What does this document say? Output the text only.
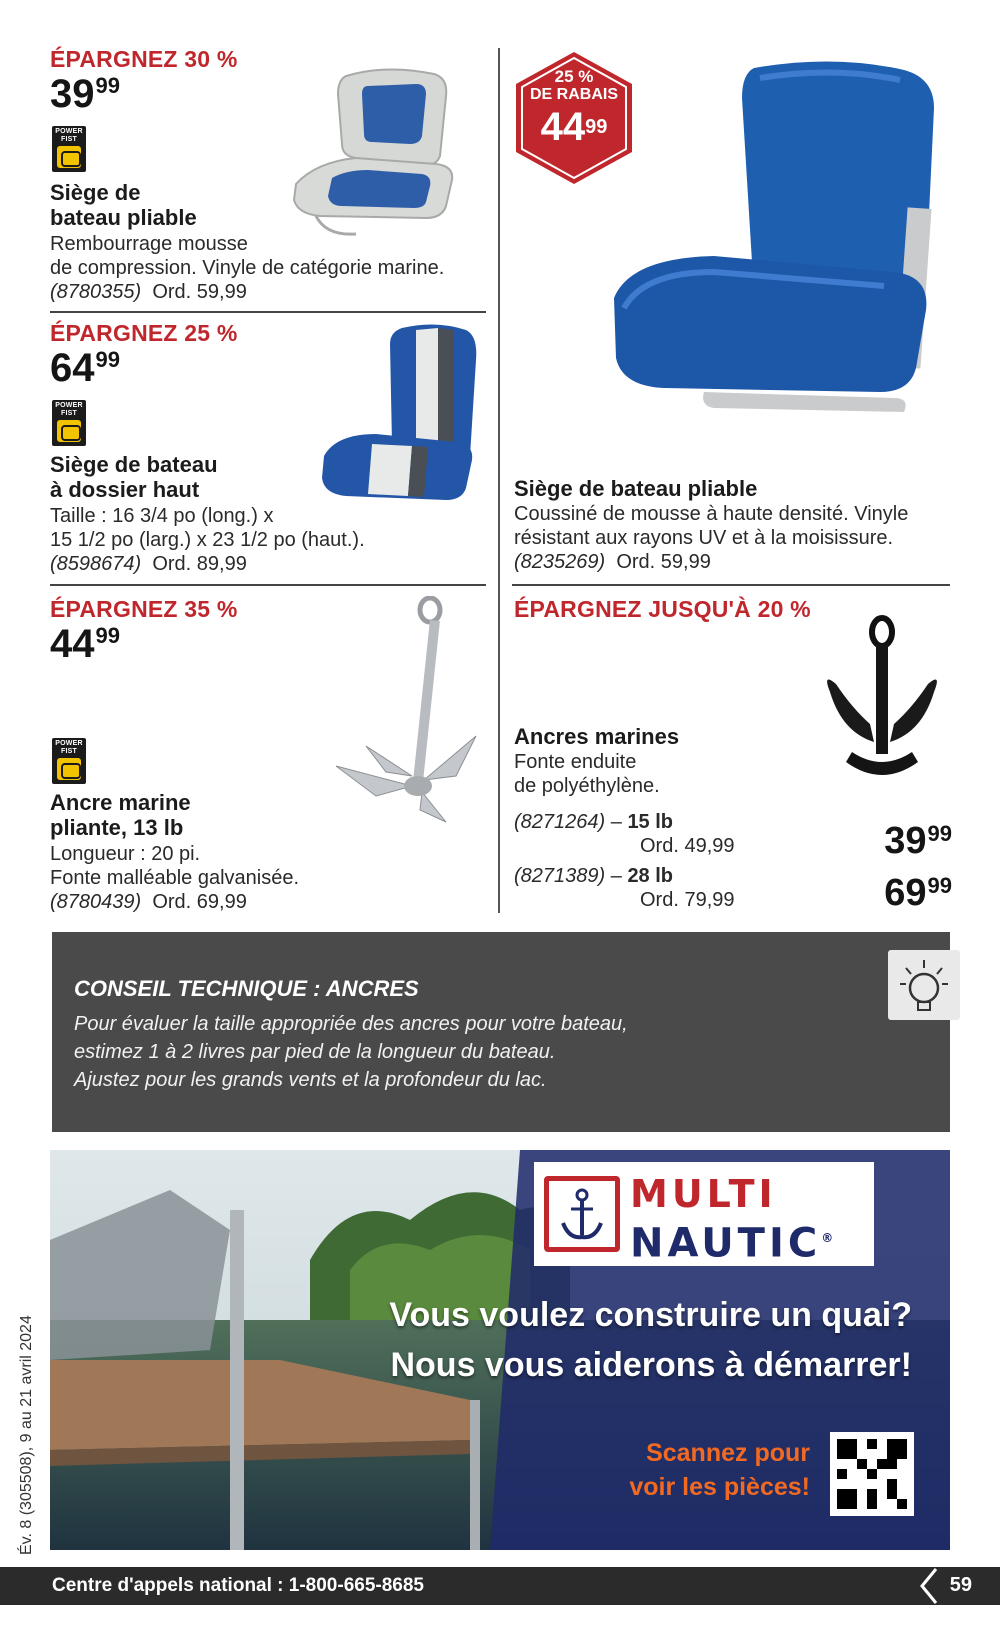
ÉPARGNEZ 30 %
$39^{99}$
POWER FIST
Siège de
bateau pliable
Rembourrage mousse
de compression. Vinyle de catégorie marine.
(8780355) Ord. 59,99
ÉPARGNEZ 25 %
$64^{99}$
POWER FIST
Siège de bateau
à dossier haut
Taille : 16 3/4 po (long.) x
15 1/2 po (larg.) x 23 1/2 po (haut.).
(8598674) Ord. 89,99
25 %
DE RABAIS
$44^{99}$
Siège de bateau pliable
Coussiné de mousse à haute densité. Vinyle
résistant aux rayons UV et à la moisissure.
(8235269) Ord. 59,99
ÉPARGNEZ 35 %
$44^{99}$
POWER FIST
Ancre marine
pliante, 13 lb
Longueur : 20 pi.
Fonte malléable galvanisée.
(8780439) Ord. 69,99
ÉPARGNEZ JUSQU'À 20 %
Ancres marines
Fonte enduite
de polyéthylène.
(8271264) – 15 lb
Ord. 49,99	$39^{99}$
(8271389) – 28 lb
Ord. 79,99	$69^{99}$
CONSEIL TECHNIQUE : ANCRES
Pour évaluer la taille appropriée des ancres pour votre bateau,
estimez 1 à 2 livres par pied de la longueur du bateau.
Ajustez pour les grands vents et la profondeur du lac.
MULTI
NAUTIC®
Vous voulez construire un quai?
Nous vous aiderons à démarrer!
Scannez pour
voir les pièces!
Év. 8 (305508), 9 au 21 avril 2024
Centre d'appels national : 1-800-665-8685	59
